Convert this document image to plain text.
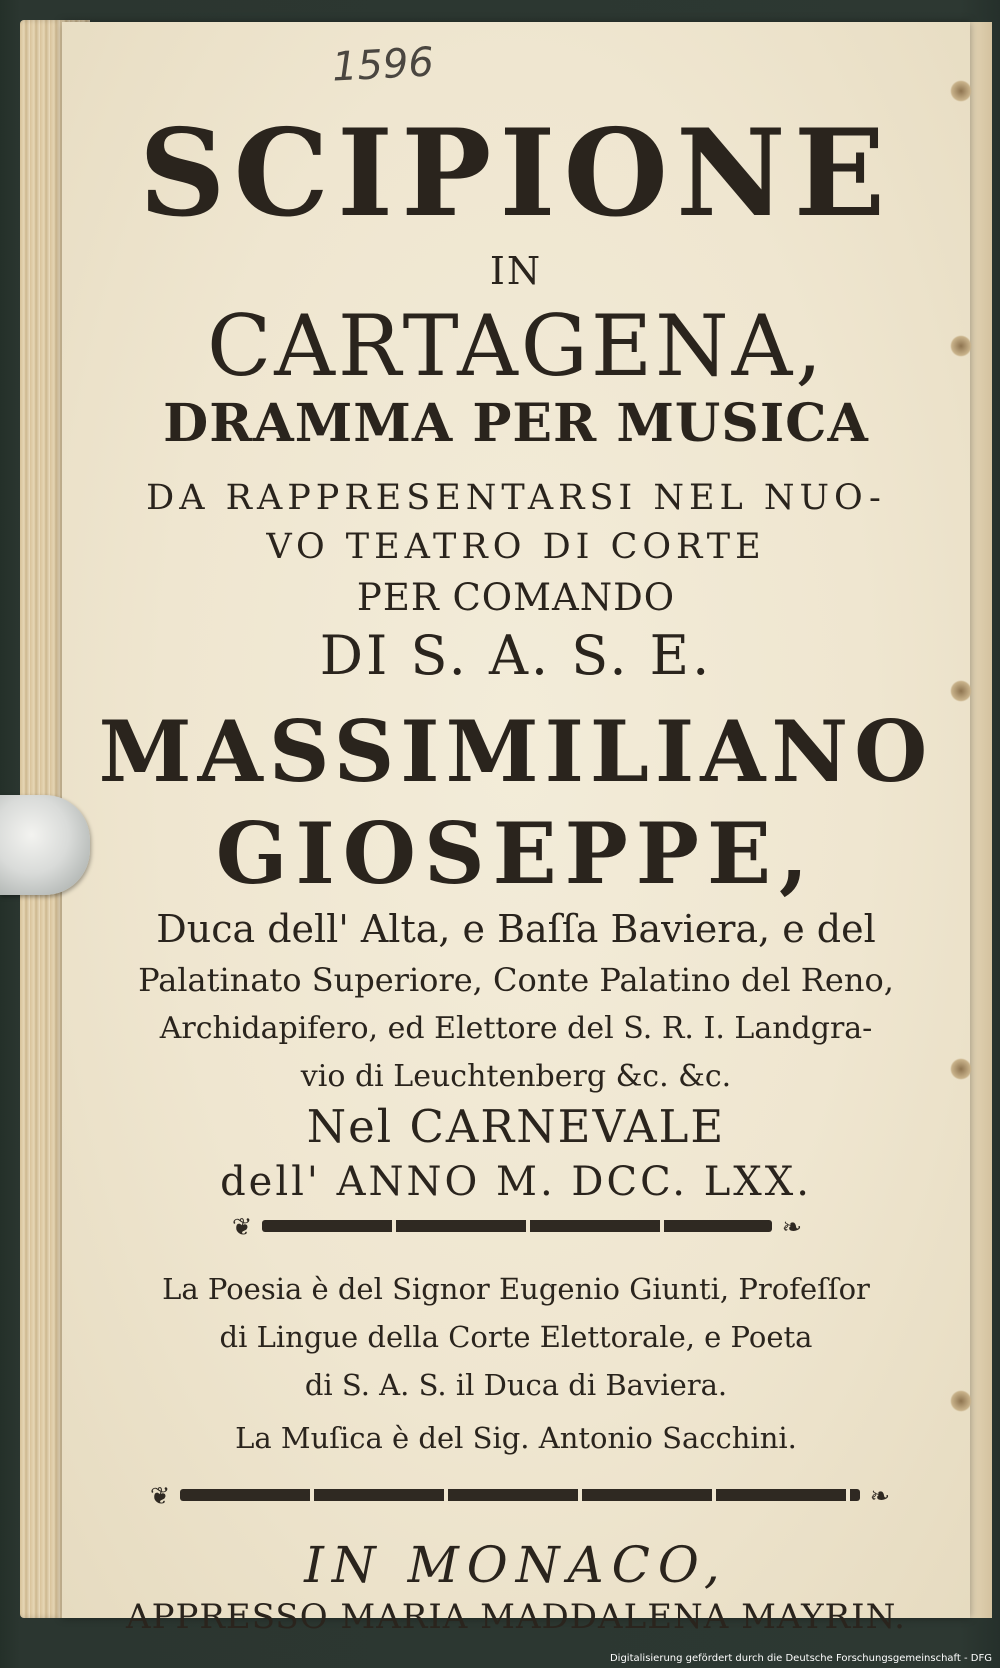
1596
SCIPIONE
IN
CARTAGENA,
DRAMMA PER MUSICA
DA RAPPRESENTARSI NEL NUO-
VO TEATRO DI CORTE
PER COMANDO
DI S. A. S. E.
MASSIMILIANO
GIOSEPPE,
Duca dell' Alta, e Baſſa Baviera, e del
Palatinato Superiore, Conte Palatino del Reno,
Archidapifero, ed Elettore del S. R. I. Landgra-
vio di Leuchtenberg &c. &c.
Nel CARNEVALE
dell' ANNO M. DCC. LXX.
❦	❧
La Poesia è del Signor Eugenio Giunti, Profeſſor
di Lingue della Corte Elettorale, e Poeta
di S. A. S. il Duca di Baviera.
La Muſica è del Sig. Antonio Sacchini.
❦	❧
IN MONACO,
APPRESSO MARIA MADDALENA MAYRIN.
Digitalisierung gefördert durch die Deutsche Forschungsgemeinschaft - DFG
